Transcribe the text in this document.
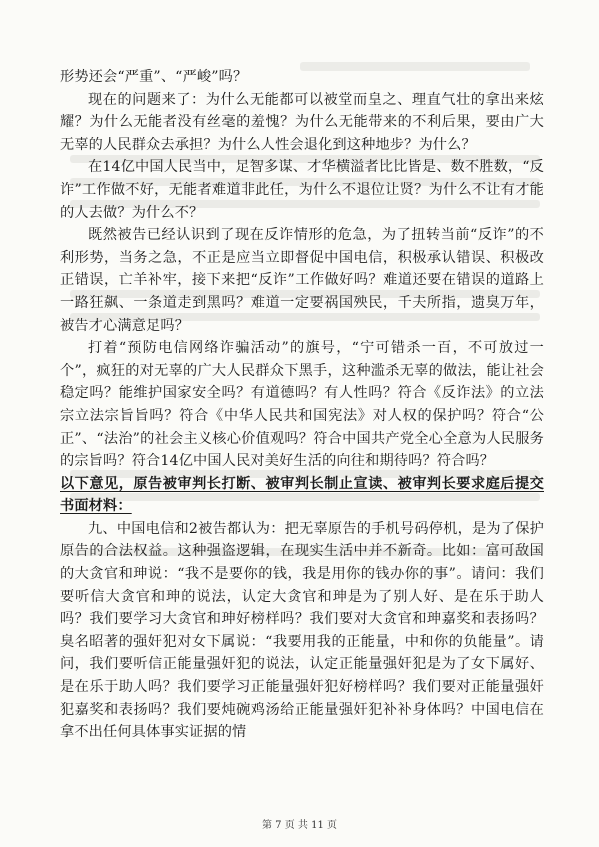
形势还会“严重”、“严峻”吗？

现在的问题来了：为什么无能都可以被堂而皇之、理直气壮的拿出来炫耀？为什么无能者没有丝毫的羞愧？为什么无能带来的不利后果，要由广大无辜的人民群众去承担？为什么人性会退化到这种地步？为什么？

在14亿中国人民当中，足智多谋、才华横溢者比比皆是、数不胜数，“反诈”工作做不好，无能者难道非此任，为什么不退位让贤？为什么不让有才能的人去做？为什么不？

既然被告已经认识到了现在反诈情形的危急，为了扭转当前“反诈”的不利形势，当务之急，不正是应当立即督促中国电信，积极承认错误、积极改正错误，亡羊补牢，接下来把“反诈”工作做好吗？难道还要在错误的道路上一路狂飙、一条道走到黑吗？难道一定要祸国殃民，千夫所指，遗臭万年，被告才心满意足吗？

打着“预防电信网络诈骗活动”的旗号，“宁可错杀一百，不可放过一个”，疯狂的对无辜的广大人民群众下黑手，这种滥杀无辜的做法，能让社会稳定吗？能维护国家安全吗？有道德吗？有人性吗？符合《反诈法》的立法宗立法宗旨旨吗？符合《中华人民共和国宪法》对人权的保护吗？符合“公正”、“法治”的社会主义核心价值观吗？符合中国共产党全心全意为人民服务的宗旨吗？符合14亿中国人民对美好生活的向往和期待吗？符合吗？

以下意见，原告被审判长打断、被审判长制止宣读、被审判长要求庭后提交书面材料：

九、中国电信和2被告都认为：把无辜原告的手机号码停机，是为了保护原告的合法权益。这种强盗逻辑，在现实生活中并不新奇。比如：富可敌国的大贪官和珅说：“我不是要你的钱，我是用你的钱办你的事”。请问：我们要听信大贪官和珅的说法，认定大贪官和珅是为了别人好、是在乐于助人吗？我们要学习大贪官和珅好榜样吗？我们要对大贪官和珅嘉奖和表扬吗？臭名昭著的强奸犯对女下属说：“我要用我的正能量，中和你的负能量”。请问，我们要听信正能量强奸犯的说法，认定正能量强奸犯是为了女下属好、是在乐于助人吗？我们要学习正能量强奸犯好榜样吗？我们要对正能量强奸犯嘉奖和表扬吗？我们要炖碗鸡汤给正能量强奸犯补补身体吗？中国电信在拿不出任何具体事实证据的情

第 7 页 共 11 页
